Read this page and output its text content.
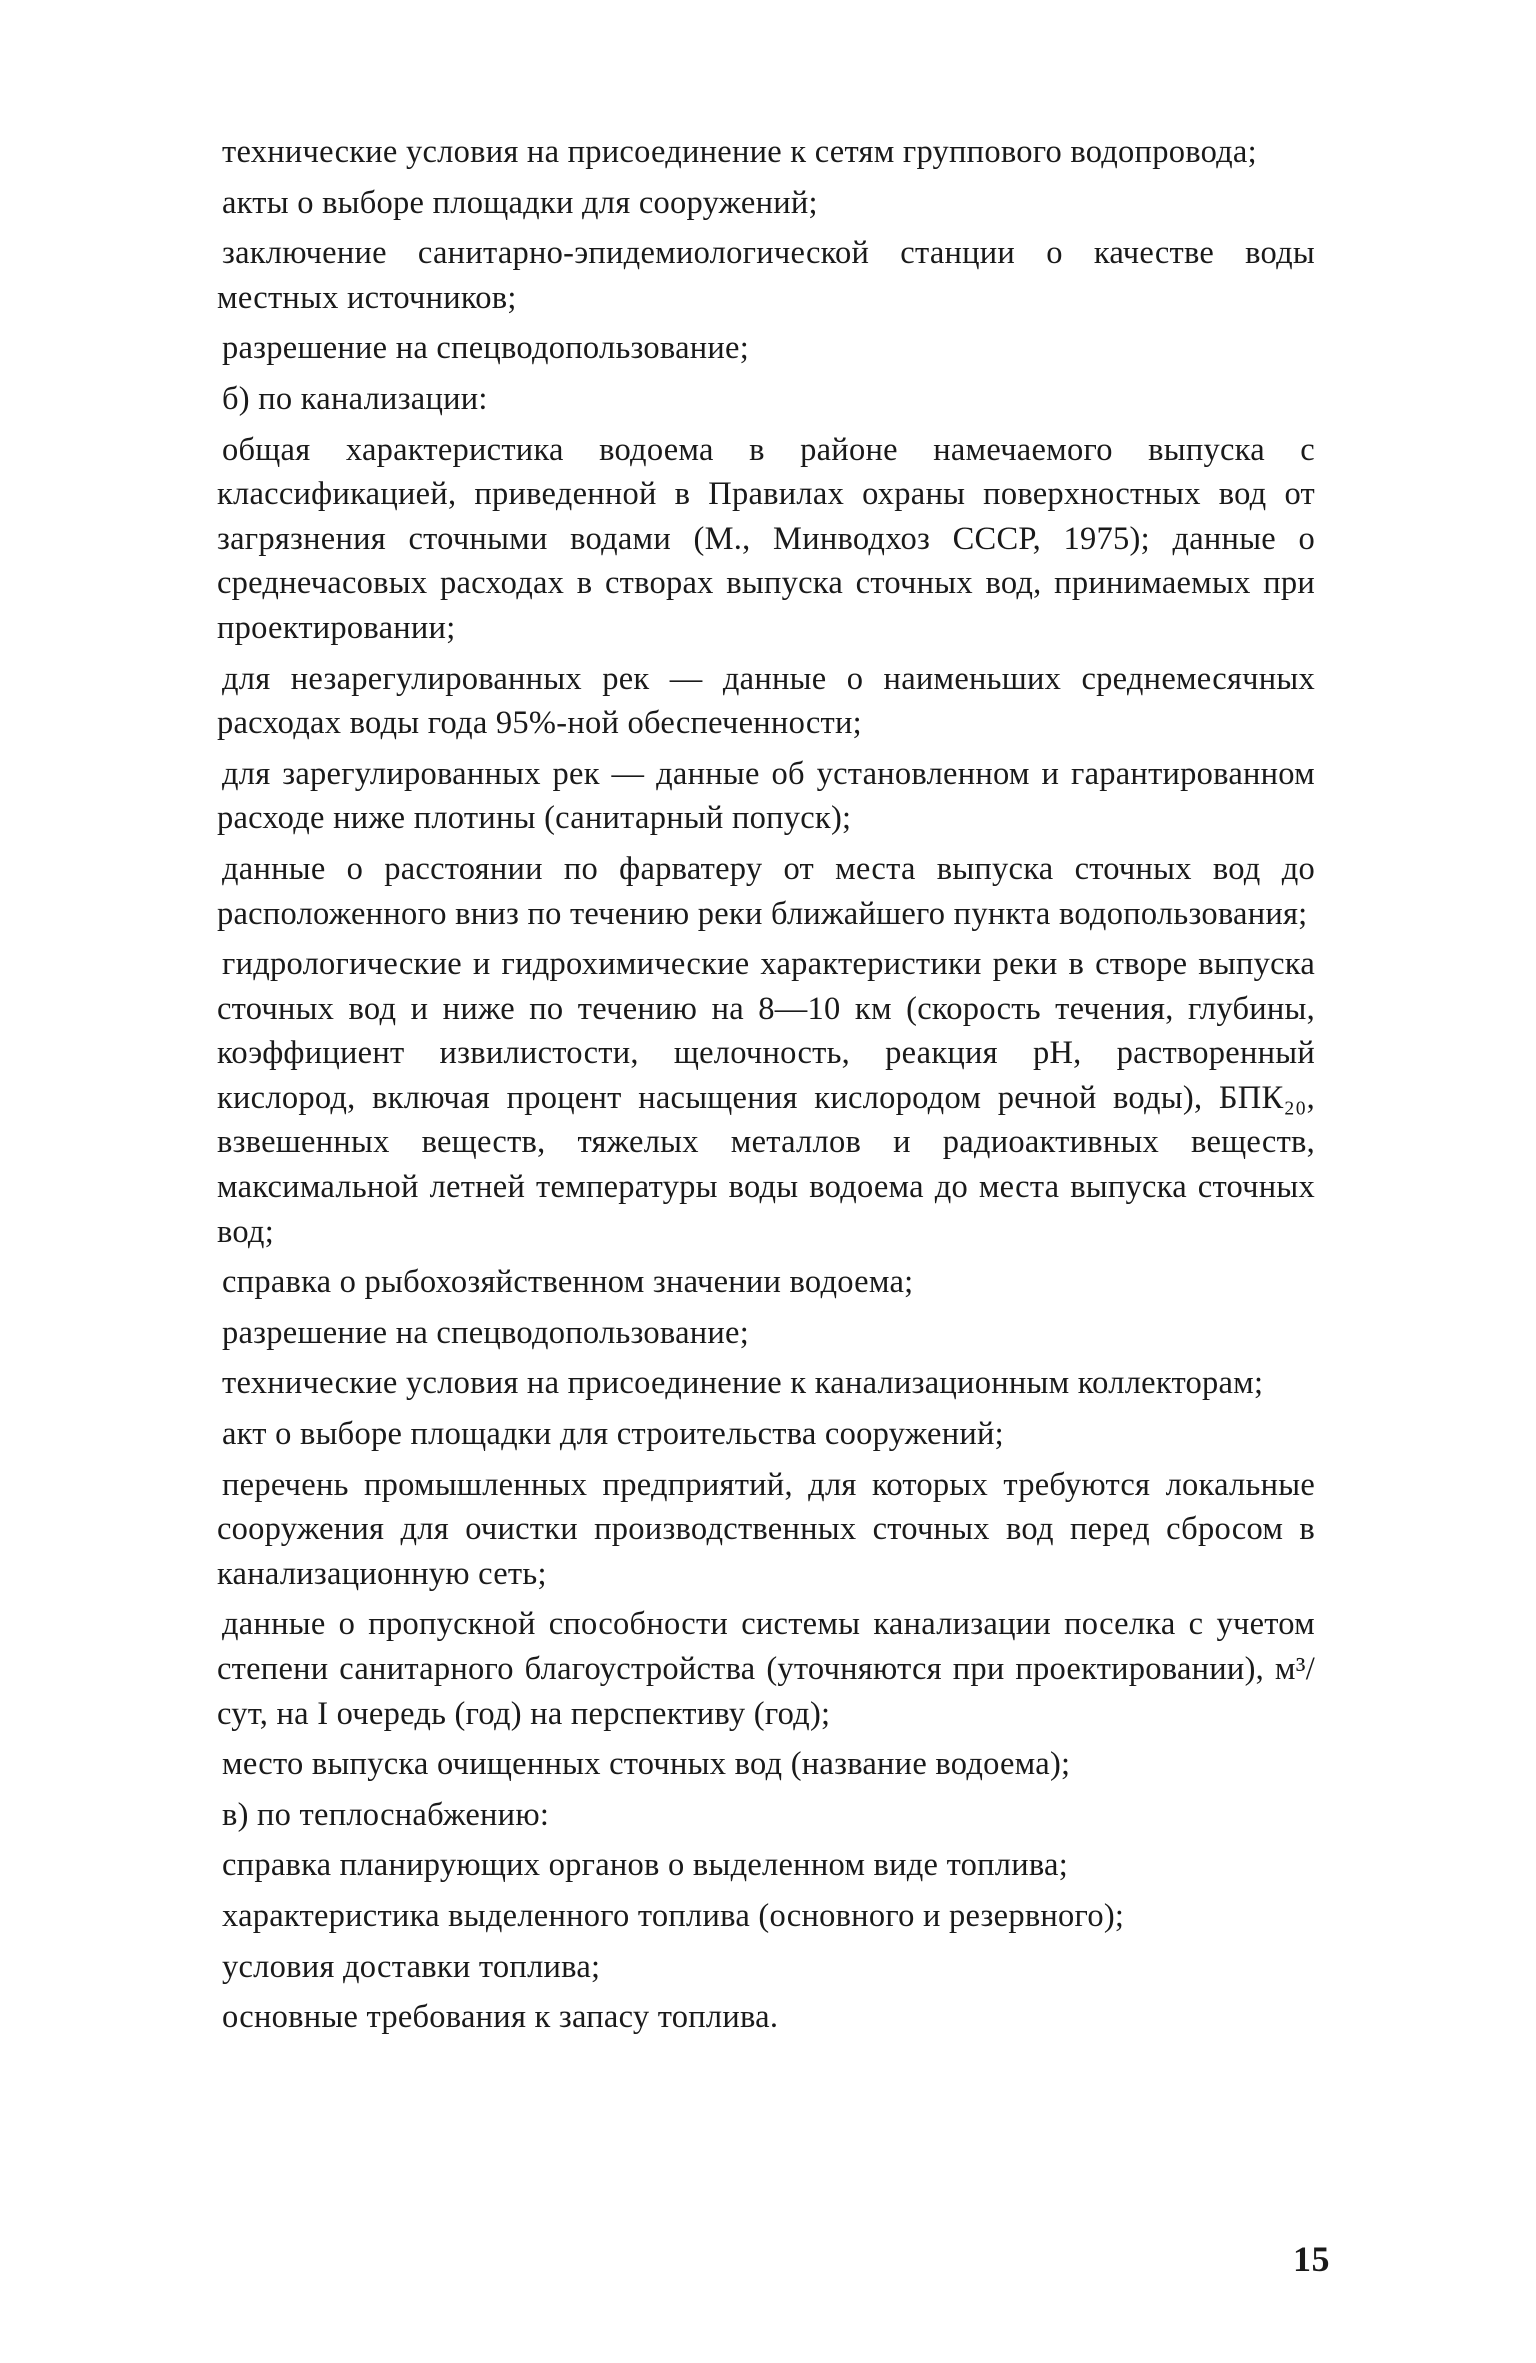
технические условия на присоединение к сетям группового водопровода;

акты о выборе площадки для сооружений;

заключение санитарно-эпидемиологической станции о качестве воды местных источников;

разрешение на спецводопользование;

б) по канализации:

общая характеристика водоема в районе намечаемого выпуска с классификацией, приведенной в Правилах охраны поверхностных вод от загрязнения сточными водами (М., Минводхоз СССР, 1975); данные о среднечасовых расходах в створах выпуска сточных вод, принимаемых при проектировании;

для незарегулированных рек — данные о наименьших среднемесячных расходах воды года 95%-ной обеспеченности;

для зарегулированных рек — данные об установленном и гарантированном расходе ниже плотины (санитарный попуск);

данные о расстоянии по фарватеру от места выпуска сточных вод до расположенного вниз по течению реки ближайшего пункта водопользования;

гидрологические и гидрохимические характеристики реки в створе выпуска сточных вод и ниже по течению на 8—10 км (скорость течения, глубины, коэффициент извилистости, щелочность, реакция pH, растворенный кислород, включая процент насыщения кислородом речной воды), БПК₂₀, взвешенных веществ, тяжелых металлов и радиоактивных веществ, максимальной летней температуры воды водоема до места выпуска сточных вод;

справка о рыбохозяйственном значении водоема;

разрешение на спецводопользование;

технические условия на присоединение к канализационным коллекторам;

акт о выборе площадки для строительства сооружений;

перечень промышленных предприятий, для которых требуются локальные сооружения для очистки производственных сточных вод перед сбросом в канализационную сеть;

данные о пропускной способности системы канализации поселка с учетом степени санитарного благоустройства (уточняются при проектировании), м³/сут, на I очередь (год) на перспективу (год);

место выпуска очищенных сточных вод (название водоема);

в) по теплоснабжению:

справка планирующих органов о выделенном виде топлива;

характеристика выделенного топлива (основного и резервного);

условия доставки топлива;

основные требования к запасу топлива.

15
